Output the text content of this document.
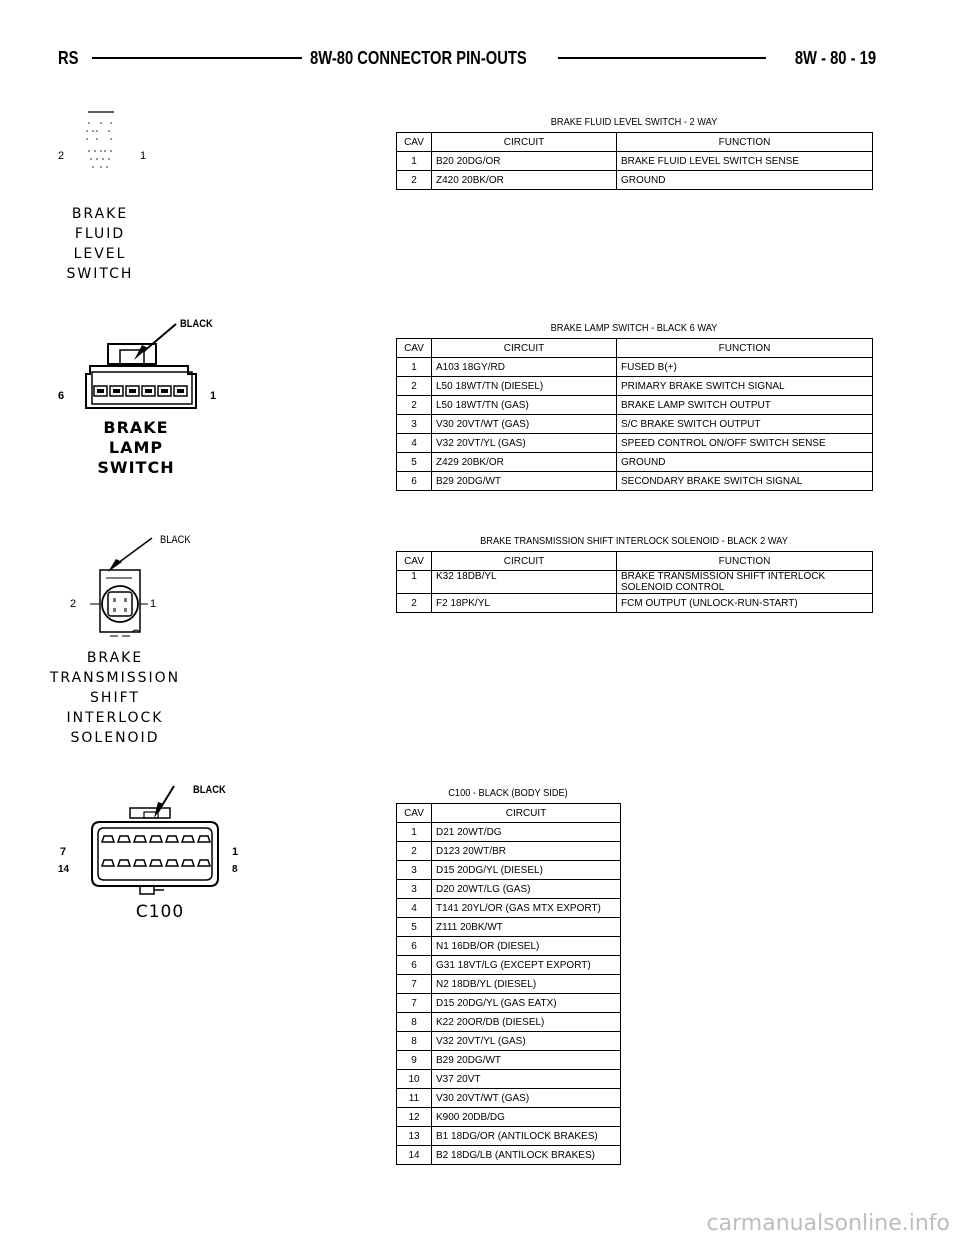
RS	8W-80 CONNECTOR PIN-OUTS	8W - 80 - 19
2	1
BRAKE
FLUID
LEVEL
SWITCH
BRAKE FLUID LEVEL SWITCH - 2 WAY
CAV	CIRCUIT	FUNCTION
1	B20 20DG/OR	BRAKE FLUID LEVEL SWITCH SENSE
2	Z420 20BK/OR	GROUND
BLACK
6	1
BRAKE
LAMP
SWITCH
BRAKE LAMP SWITCH - BLACK 6 WAY
CAV	CIRCUIT	FUNCTION
1	A103 18GY/RD	FUSED B(+)
2	L50 18WT/TN (DIESEL)	PRIMARY BRAKE SWITCH SIGNAL
2	L50 18WT/TN (GAS)	BRAKE LAMP SWITCH OUTPUT
3	V30 20VT/WT (GAS)	S/C BRAKE SWITCH OUTPUT
4	V32 20VT/YL (GAS)	SPEED CONTROL ON/OFF SWITCH SENSE
5	Z429 20BK/OR	GROUND
6	B29 20DG/WT	SECONDARY BRAKE SWITCH SIGNAL
BLACK
2	1
BRAKE
TRANSMISSION
SHIFT
INTERLOCK
SOLENOID
BRAKE TRANSMISSION SHIFT INTERLOCK SOLENOID - BLACK 2 WAY
CAV	CIRCUIT	FUNCTION
1	K32 18DB/YL	BRAKE TRANSMISSION SHIFT INTERLOCK SOLENOID CONTROL
2	F2 18PK/YL	FCM OUTPUT (UNLOCK-RUN-START)
BLACK
7
14
1
8
C100
C100 - BLACK (BODY SIDE)
CAV	CIRCUIT
1	D21 20WT/DG
2	D123 20WT/BR
3	D15 20DG/YL (DIESEL)
3	D20 20WT/LG (GAS)
4	T141 20YL/OR (GAS MTX EXPORT)
5	Z111 20BK/WT
6	N1 16DB/OR (DIESEL)
6	G31 18VT/LG (EXCEPT EXPORT)
7	N2 18DB/YL (DIESEL)
7	D15 20DG/YL (GAS EATX)
8	K22 20OR/DB (DIESEL)
8	V32 20VT/YL (GAS)
9	B29 20DG/WT
10	V37 20VT
11	V30 20VT/WT (GAS)
12	K900 20DB/DG
13	B1 18DG/OR (ANTILOCK BRAKES)
14	B2 18DG/LB (ANTILOCK BRAKES)
carmanualsonline.info
